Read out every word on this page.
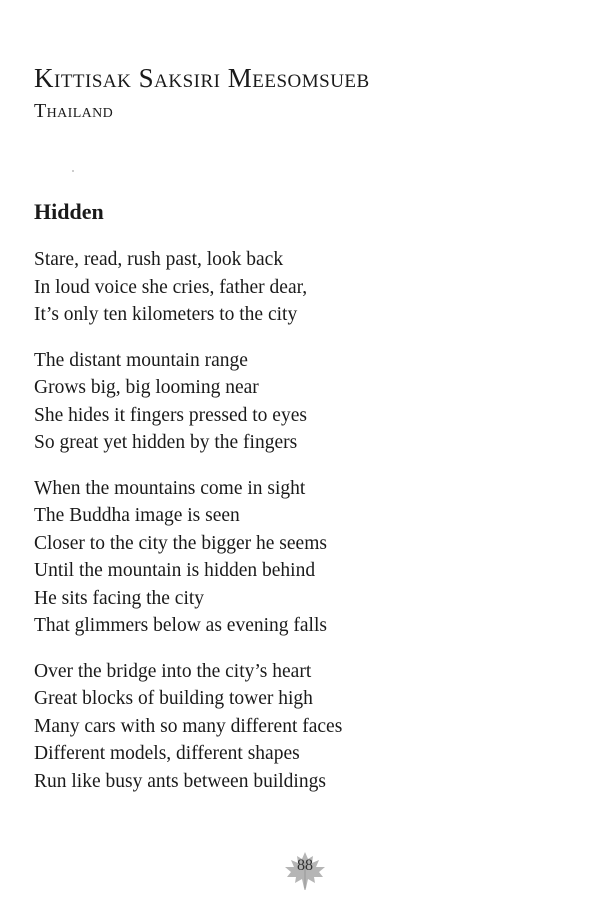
Kittisak Saksiri Meesomsueb
Thailand
Hidden
Stare, read, rush past, look back
In loud voice she cries, father dear,
It’s only ten kilometers to the city
The distant mountain range
Grows big, big looming near
She hides it fingers pressed to eyes
So great yet hidden by the fingers
When the mountains come in sight
The Buddha image is seen
Closer to the city the bigger he seems
Until the mountain is hidden behind
He sits facing the city
That glimmers below as evening falls
Over the bridge into the city’s heart
Great blocks of building tower high
Many cars with so many different faces
Different models, different shapes
Run like busy ants between buildings
88
